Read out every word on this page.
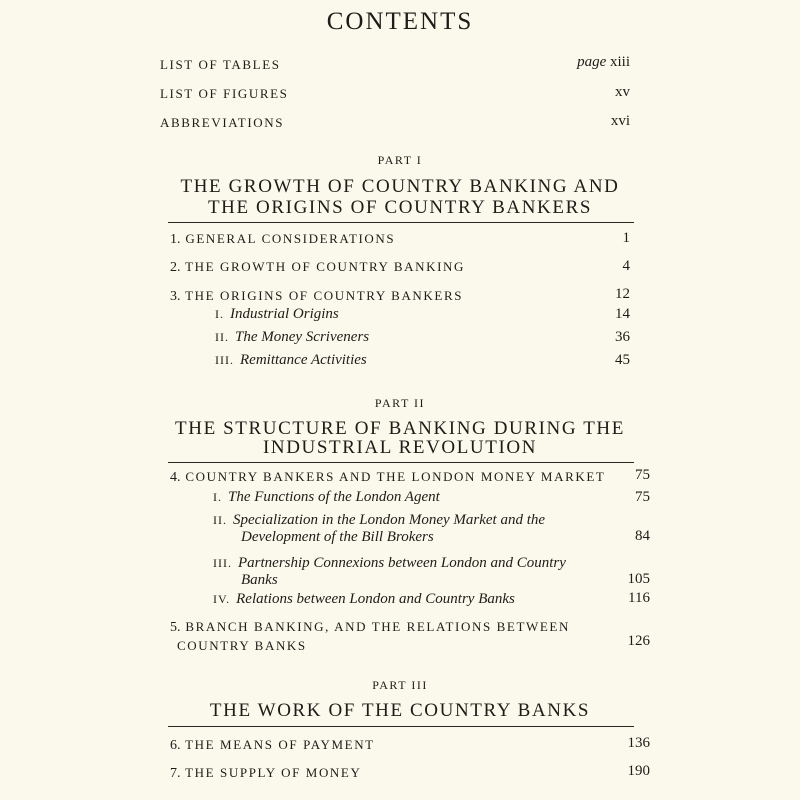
CONTENTS
LIST OF TABLES	page xiii
LIST OF FIGURES	xv
ABBREVIATIONS	xvi
PART I
THE GROWTH OF COUNTRY BANKING AND
THE ORIGINS OF COUNTRY BANKERS
1. GENERAL CONSIDERATIONS	1
2. THE GROWTH OF COUNTRY BANKING	4
3. THE ORIGINS OF COUNTRY BANKERS	12
I. Industrial Origins	14
II. The Money Scriveners	36
III. Remittance Activities	45
PART II
THE STRUCTURE OF BANKING DURING THE
INDUSTRIAL REVOLUTION
4. COUNTRY BANKERS AND THE LONDON MONEY MARKET 75
I. The Functions of the London Agent	75
II. Specialization in the London Money Market and the
Development of the Bill Brokers	84
III. Partnership Connexions between London and Country
Banks	105
IV. Relations between London and Country Banks	116
5. BRANCH BANKING, AND THE RELATIONS BETWEEN
COUNTRY BANKS	126
PART III
THE WORK OF THE COUNTRY BANKS
6. THE MEANS OF PAYMENT	136
7. THE SUPPLY OF MONEY	190
